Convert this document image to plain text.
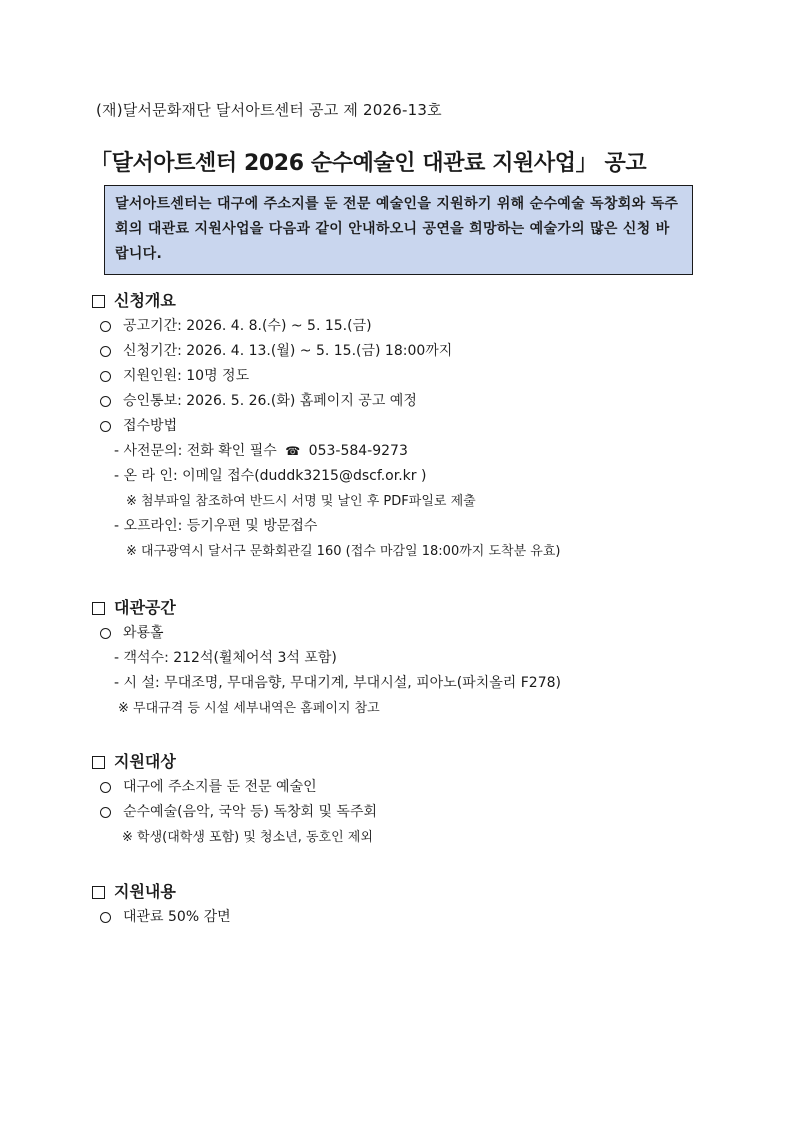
(재)달서문화재단 달서아트센터 공고 제 2026-13호
「달서아트센터 2026 순수예술인 대관료 지원사업」 공고
달서아트센터는 대구에 주소지를 둔 전문 예술인을 지원하기 위해 순수예술 독창회와 독주회의 대관료 지원사업을 다음과 같이 안내하오니 공연을 희망하는 예술가의 많은 신청 바랍니다.
신청개요
공고기간: 2026. 4. 8.(수) ~ 5. 15.(금)
신청기간: 2026. 4. 13.(월) ~ 5. 15.(금) 18:00까지
지원인원: 10명 정도
승인통보: 2026. 5. 26.(화) 홈페이지 공고 예정
접수방법
- 사전문의: 전화 확인 필수 ☎ 053-584-9273
- 온 라 인: 이메일 접수(duddk3215@dscf.or.kr )
※ 첨부파일 참조하여 반드시 서명 및 날인 후 PDF파일로 제출
- 오프라인: 등기우편 및 방문접수
※ 대구광역시 달서구 문화회관길 160 (접수 마감일 18:00까지 도착분 유효)
대관공간
와룡홀
- 객석수: 212석(휠체어석 3석 포함)
- 시 설: 무대조명, 무대음향, 무대기계, 부대시설, 피아노(파치올리 F278)
※ 무대규격 등 시설 세부내역은 홈페이지 참고
지원대상
대구에 주소지를 둔 전문 예술인
순수예술(음악, 국악 등) 독창회 및 독주회
※ 학생(대학생 포함) 및 청소년, 동호인 제외
지원내용
대관료 50% 감면
